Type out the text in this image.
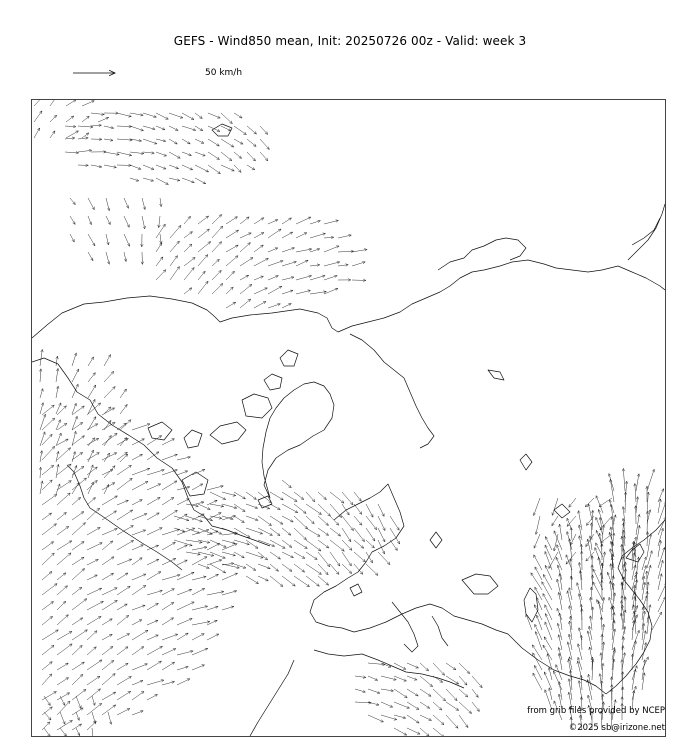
GEFS - Wind850 mean, Init: 20250726 00z - Valid: week 3
50 km/h
from grib files provided by NCEP
©2025 sb@irizone.net
